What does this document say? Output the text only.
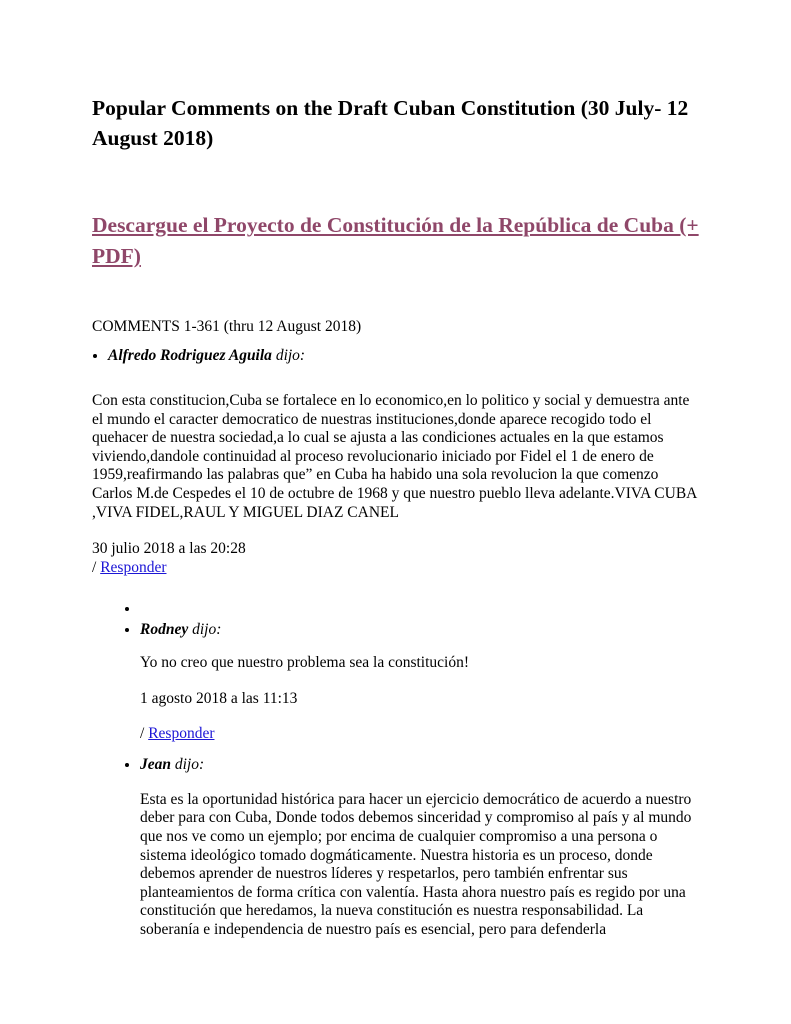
Popular Comments on the Draft Cuban Constitution (30 July- 12 August 2018)
Descargue el Proyecto de Constitución de la República de Cuba (+ PDF)

COMMENTS 1-361 (thru 12 August 2018)

• Alfredo Rodriguez Aguila dijo:

Con esta constitucion,Cuba se fortalece en lo economico,en lo politico y social y demuestra ante el mundo el caracter democratico de nuestras instituciones,donde aparece recogido todo el quehacer de nuestra sociedad,a lo cual se ajusta a las condiciones actuales en la que estamos viviendo,dandole continuidad al proceso revolucionario iniciado por Fidel el 1 de enero de 1959,reafirmando las palabras que” en Cuba ha habido una sola revolucion la que comenzo Carlos M.de Cespedes el 10 de octubre de 1968 y que nuestro pueblo lleva adelante.VIVA CUBA ,VIVA FIDEL,RAUL Y MIGUEL DIAZ CANEL

30 julio 2018 a las 20:28
/ Responder

•
• Rodney dijo:

Yo no creo que nuestro problema sea la constitución!

1 agosto 2018 a las 11:13

/ Responder

• Jean dijo:

Esta es la oportunidad histórica para hacer un ejercicio democrático de acuerdo a nuestro deber para con Cuba, Donde todos debemos sinceridad y compromiso al país y al mundo que nos ve como un ejemplo; por encima de cualquier compromiso a una persona o sistema ideológico tomado dogmáticamente. Nuestra historia es un proceso, donde debemos aprender de nuestros líderes y respetarlos, pero también enfrentar sus planteamientos de forma crítica con valentía. Hasta ahora nuestro país es regido por una constitución que heredamos, la nueva constitución es nuestra responsabilidad. La soberanía e independencia de nuestro país es esencial, pero para defenderla
